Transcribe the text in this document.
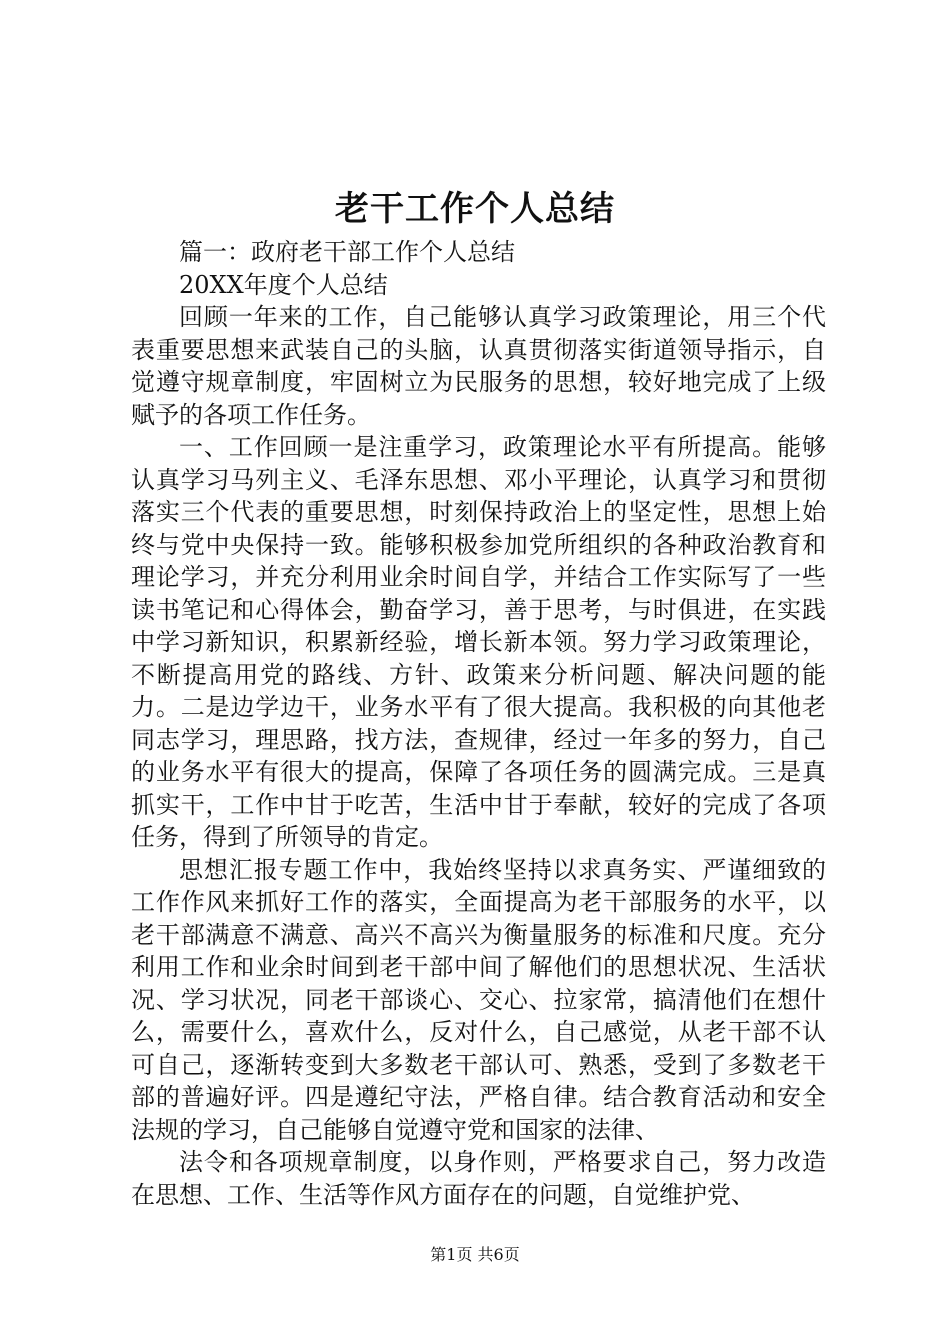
老干工作个人总结

篇一：政府老干部工作个人总结

20XX年度个人总结

回顾一年来的工作，自己能够认真学习政策理论，用三个代表重要思想来武装自己的头脑，认真贯彻落实街道领导指示，自觉遵守规章制度，牢固树立为民服务的思想，较好地完成了上级赋予的各项工作任务。

一、工作回顾一是注重学习，政策理论水平有所提高。能够认真学习马列主义、毛泽东思想、邓小平理论，认真学习和贯彻落实三个代表的重要思想，时刻保持政治上的坚定性，思想上始终与党中央保持一致。能够积极参加党所组织的各种政治教育和理论学习，并充分利用业余时间自学，并结合工作实际写了一些读书笔记和心得体会，勤奋学习，善于思考，与时俱进，在实践中学习新知识，积累新经验，增长新本领。努力学习政策理论，不断提高用党的路线、方针、政策来分析问题、解决问题的能力。二是边学边干，业务水平有了很大提高。我积极的向其他老同志学习，理思路，找方法，查规律，经过一年多的努力，自己的业务水平有很大的提高，保障了各项任务的圆满完成。三是真抓实干，工作中甘于吃苦，生活中甘于奉献，较好的完成了各项任务，得到了所领导的肯定。

思想汇报专题工作中，我始终坚持以求真务实、严谨细致的工作作风来抓好工作的落实，全面提高为老干部服务的水平，以老干部满意不满意、高兴不高兴为衡量服务的标准和尺度。充分利用工作和业余时间到老干部中间了解他们的思想状况、生活状况、学习状况，同老干部谈心、交心、拉家常，搞清他们在想什么，需要什么，喜欢什么，反对什么，自己感觉，从老干部不认可自己，逐渐转变到大多数老干部认可、熟悉，受到了多数老干部的普遍好评。四是遵纪守法，严格自律。结合教育活动和安全法规的学习，自己能够自觉遵守党和国家的法律、

法令和各项规章制度，以身作则，严格要求自己，努力改造在思想、工作、生活等作风方面存在的问题，自觉维护党、

第1页 共6页
